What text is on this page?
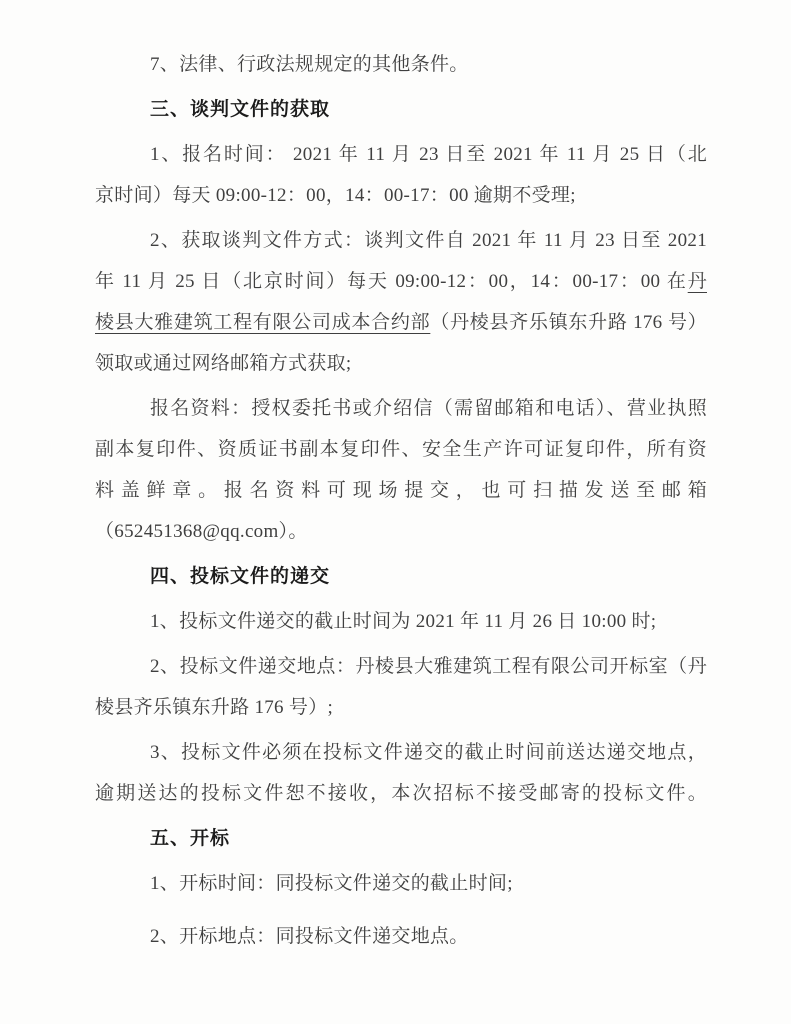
7、法律、行政法规规定的其他条件。
三、谈判文件的获取
1、报名时间： 2021 年 11 月 23 日至 2021 年 11 月 25 日（北
京时间）每天 09:00-12：00，14：00-17：00 逾期不受理;
2、获取谈判文件方式：谈判文件自 2021 年 11 月 23 日至 2021
年 11 月 25 日（北京时间）每天 09:00-12：00，14：00-17：00 在丹
棱县大雅建筑工程有限公司成本合约部（丹棱县齐乐镇东升路 176 号）
领取或通过网络邮箱方式获取;
报名资料：授权委托书或介绍信（需留邮箱和电话）、营业执照
副本复印件、资质证书副本复印件、安全生产许可证复印件，所有资
料盖鲜章。报名资料可现场提交，也可扫描发送至邮箱
（652451368@qq.com）。
四、投标文件的递交
1、投标文件递交的截止时间为 2021 年 11 月 26 日 10:00 时;
2、投标文件递交地点：丹棱县大雅建筑工程有限公司开标室（丹
棱县齐乐镇东升路 176 号）;
3、投标文件必须在投标文件递交的截止时间前送达递交地点，
逾期送达的投标文件恕不接收，本次招标不接受邮寄的投标文件。
五、开标
1、开标时间：同投标文件递交的截止时间;
2、开标地点：同投标文件递交地点。
